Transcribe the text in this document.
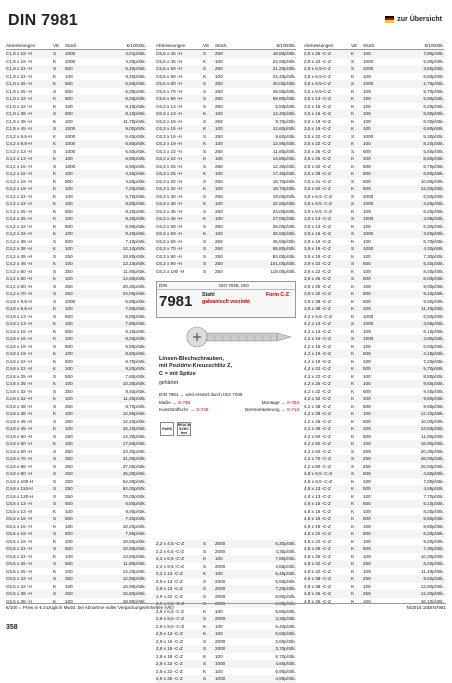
DIN 7981	zur Übersicht
Abmessungen	VE	Stück	€/100Stk.
C1,9 x 19 -H	S	1000	4,01p/Stk.
C1,9 x 19 -H	K	1000	4,20p/Stk.
C1,9 x 22 -H	S	500	5,40p/Stk.
C1,9 x 22 -H	K	100	8,40p/Stk.
C1,9 x 25 -H	K	500	5,60p/Stk.
C1,9 x 25 -H	S	500	6,00p/Stk.
C1,9 x 32 -H	K	500	6,20p/Stk.
C1,9 x 32 -H	K	100	9,10p/Stk.
C1,9 x 38 -H	S	500	8,10p/Stk.
C1,9 x 38 -H	K	100	11,70p/Stk.
C1,9 x 45 -H	S	1000	9,00p/Stk.
C4,2 x 9,5-H	K	1000	5,40p/Stk.
C4,2 x 9,5-H	K	1000	6,50p/Stk.
C4,2 x 13 -H	S	1000	6,50p/Stk.
C4,2 x 13 -H	K	100	6,90p/Stk.
C4,2 x 16 -H	S	1000	5,90p/Stk.
C4,2 x 16 -H	K	100	4,45p/Stk.
C4,2 x 19 -H	K	500	4,55p/Stk.
C4,2 x 19 -H	K	100	7,20p/Stk.
C4,2 x 22 -H	K	100	5,70p/Stk.
C4,2 x 22 -H	K	100	8,80p/Stk.
C4,2 x 25 -H	K	500	9,40p/Stk.
C4,2 x 25 -H	K	100	9,40p/Stk.
C4,2 x 32 -H	K	500	6,90p/Stk.
C4,2 x 32 -H	K	100	9,40p/Stk.
C4,2 x 38 -H	S	500	7,10p/Stk.
C4,2 x 38 -H	K	100	12,10p/Stk.
C4,2 x 45 -H	S	250	10,80p/Stk.
C4,2 x 45 -H	K	100	13,10p/Stk.
C4,2 x 50 -H	S	250	11,90p/Stk.
C4,2 x 50 -H	K	100	14,90p/Stk.
C4,2 x 60 -H	S	250	20,30p/Stk.
C4,2 x 70 -H	S	250	24,00p/Stk.
C4,8 x 9,5-H	S	1000	5,80p/Stk.
C4,8 x 9,5-H	K	100	7,60p/Stk.
C4,8 x 13 -H	S	500	6,80p/Stk.
C4,8 x 13 -H	K	100	7,90p/Stk.
C4,8 x 16 -H	K	500	5,10p/Stk.
C4,8 x 16 -H	K	100	8,20p/Stk.
C4,8 x 19 -H	S	500	5,80p/Stk.
C4,8 x 19 -H	K	100	8,80p/Stk.
C4,8 x 22 -H	K	500	6,70p/Stk.
C4,8 x 22 -H	K	100	9,20p/Stk.
C4,8 x 25 -H	S	500	7,60p/Stk.
C4,8 x 25 -H	K	100	10,30p/Stk.
C4,8 x 32 -H	S	250	8,40p/Stk.
C4,8 x 32 -H	K	100	11,40p/Stk.
C4,8 x 38 -H	S	250	9,70p/Stk.
C4,8 x 38 -H	K	100	12,60p/Stk.
C4,8 x 45 -H	S	250	12,40p/Stk.
C4,8 x 45 -H	K	100	16,10p/Stk.
C4,8 x 50 -H	S	250	14,30p/Stk.
C4,8 x 50 -H	K	100	17,60p/Stk.
C4,8 x 60 -H	S	250	23,30p/Stk.
C4,8 x 70 -H	S	250	31,00p/Stk.
C4,8 x 80 -H	S	250	37,00p/Stk.
C4,8 x 90 -H	S	250	45,00p/Stk.
C4,8 x 100-H	S	250	54,00p/Stk.
C4,8 x 110-H	S	250	62,00p/Stk.
C4,8 x 120-H	S	250	70,00p/Stk.
C5,5 x 13 -H	S	500	6,50p/Stk.
C5,5 x 13 -H	K	100	9,00p/Stk.
C5,5 x 16 -H	S	500	7,40p/Stk.
C5,5 x 16 -H	K	100	10,20p/Stk.
C5,5 x 19 -H	S	500	7,60p/Stk.
C5,5 x 19 -H	K	100	10,50p/Stk.
C5,5 x 22 -H	S	500	10,60p/Stk.
C5,5 x 22 -H	K	100	13,50p/Stk.
C5,5 x 25 -H	S	500	11,90p/Stk.
C5,5 x 25 -H	K	100	14,20p/Stk.
C5,5 x 32 -H	S	250	12,80p/Stk.
C5,5 x 32 -H	K	100	15,90p/Stk.
C5,5 x 38 -H	S	250	15,80p/Stk.
C5,5 x 38 -H	K	100	18,90p/Stk.
Abmessungen	VE	Stück	€/100Stk.
C5,5 x 45 -H	S	250	18,80p/Stk.
C5,5 x 45 -H	K	100	22,60p/Stk.
C5,5 x 50 -H	S	250	21,20p/Stk.
C5,5 x 50 -H	K	100	24,40p/Stk.
C5,5 x 60 -H	S	250	40,00p/Stk.
C5,5 x 70 -H	S	250	49,50p/Stk.
C5,5 x 80 -H	S	250	59,80p/Stk.
C6,3 x 13 -H	S	250	5,50p/Stk.
C6,3 x 13 -H	K	100	12,40p/Stk.
C6,3 x 16 -H	S	250	9,70p/Stk.
C6,3 x 16 -H	K	100	12,60p/Stk.
C6,3 x 19 -H	S	250	9,60p/Stk.
C6,3 x 19 -H	K	100	12,90p/Stk.
C6,3 x 22 -H	S	250	11,80p/Stk.
C6,3 x 22 -H	K	100	14,80p/Stk.
C6,3 x 25 -H	S	250	12,30p/Stk.
C6,3 x 25 -H	K	100	17,40p/Stk.
C6,3 x 32 -H	S	250	15,70p/Stk.
C6,3 x 32 -H	K	100	18,70p/Stk.
C6,3 x 38 -H	S	250	19,00p/Stk.
C6,3 x 38 -H	K	100	22,60p/Stk.
C6,3 x 45 -H	S	250	24,00p/Stk.
C6,3 x 45 -H	K	100	27,00p/Stk.
C6,3 x 50 -H	S	250	26,00p/Stk.
C6,3 x 50 -H	K	100	28,50p/Stk.
C6,3 x 60 -H	S	250	45,50p/Stk.
C6,3 x 70 -H	S	250	65,80p/Stk.
C6,3 x 80 -H	S	250	83,00p/Stk.
C6,3 x 90 -H	S	250	101,00p/Stk.
C6,3 x 100 -H	S	250	119,00p/Stk.
Abmessungen	VE	Stück	€/100Stk.
2,9 x 25 -C-Z	K	100	7,90p/Stk.
2,9 x 32 -C-Z	S	1000	5,90p/Stk.
2,9 x 6,5-C-Z	S	1000	3,60p/Stk.
3,5 x 6,5-C-Z	K	100	6,60p/Stk.
3,5 x 9,5-C-Z	S	1000	2,75p/Stk.
3,5 x 9,5-C-Z	K	100	5,70p/Stk.
3,5 x 13 -C-Z	K	100	5,90p/Stk.
3,5 x 16 -C-Z	K	100	6,20p/Stk.
3,5 x 16 -C-Z	K	100	6,00p/Stk.
3,5 x 19 -C-Z	K	100	6,00p/Stk.
3,5 x 19 -C-Z	K	100	6,80p/Stk.
3,5 x 22 -C-Z	S	1000	5,30p/Stk.
3,5 x 22 -C-Z	K	100	8,10p/Stk.
3,5 x 25 -C-Z	S	500	5,50p/Stk.
3,5 x 25 -C-Z	K	100	8,60p/Stk.
3,5 x 32 -C-Z	K	500	6,70p/Stk.
3,5 x 38 -C-Z	K	500	6,90p/Stk.
3,5 x 41 -C-Z	S	500	10,90p/Stk.
3,5 x 50 -C-Z	K	500	13,20p/Stk.
3,9 x 6,5 -C-Z	S	2000	6,50p/Stk.
3,9 x 9,5 -C-Z	S	1000	3,25p/Stk.
3,9 x 9,5 -C-Z	K	100	6,20p/Stk.
3,9 x 13 -C-Z	S	1000	3,95p/Stk.
3,9 x 13 -C-Z	K	100	6,30p/Stk.
3,9 x 16 -C-Z	S	1000	3,60p/Stk.
3,9 x 16 -C-Z	K	100	6,70p/Stk.
3,9 x 19 -C-Z	S	1000	4,30p/Stk.
3,9 x 19 -C-Z	K	100	7,30p/Stk.
3,9 x 22 -C-Z	S	500	5,40p/Stk.
3,9 x 22 -C-Z	K	100	8,40p/Stk.
3,9 x 25 -C-Z	S	500	6,00p/Stk.
3,9 x 25 -C-Z	K	100	9,00p/Stk.
3,9 x 32 -C-Z	K	500	9,10p/Stk.
3,9 x 38 -C-Z	K	500	9,60p/Stk.
3,9 x 38 -C-Z	K	100	11,10p/Stk.
4,2 x 9,5 -C-Z	K	1000	6,50p/Stk.
4,2 x 13 -C-Z	S	1000	3,65p/Stk.
4,2 x 13 -C-Z	K	100	6,10p/Stk.
4,2 x 16 -C-Z	S	1000	3,90p/Stk.
4,2 x 16 -C-Z	K	100	6,60p/Stk.
4,2 x 19 -C-Z	K	500	4,15p/Stk.
4,2 x 19 -C-Z	K	100	7,20p/Stk.
4,2 x 22 -C-Z	K	500	5,70p/Stk.
4,2 x 22 -C-Z	K	100	8,80p/Stk.
4,2 x 25 -C-Z	K	100	9,60p/Stk.
4,2 x 32 -C-Z	K	500	9,40p/Stk.
4,2 x 32 -C-Z	K	100	9,90p/Stk.
4,2 x 38 -C-Z	K	500	9,90p/Stk.
4,2 x 38 -C-Z	K	100	12,10p/Stk.
4,2 x 45 -C-Z	K	500	10,00p/Stk.
4,2 x 45 -C-Z	K	100	13,50p/Stk.
4,2 x 50 -C-Z	K	500	11,90p/Stk.
4,2 x 50 -C-Z	K	100	16,90p/Stk.
4,2 x 60 -C-Z	S	250	20,30p/Stk.
4,2 x 70 -C-Z	S	250	26,00p/Stk.
4,2 x 80 -C-Z	S	250	26,50p/Stk.
4,8 x 9,5 -C-Z	S	500	4,80p/Stk.
4,8 x 9,5 -C-Z	K	100	7,00p/Stk.
4,8 x 13 -C-Z	K	500	4,55p/Stk.
4,8 x 13 -C-Z	K	100	7,70p/Stk.
4,8 x 16 -C-Z	K	500	5,10p/Stk.
4,8 x 16 -C-Z	K	100	8,20p/Stk.
4,8 x 19 -C-Z	K	500	5,80p/Stk.
4,8 x 19 -C-Z	K	100	8,80p/Stk.
4,8 x 22 -C-Z	K	500	6,20p/Stk.
4,8 x 22 -C-Z	K	100	9,20p/Stk.
4,8 x 25 -C-Z	K	500	7,30p/Stk.
4,8 x 25 -C-Z	K	100	10,30p/Stk.
4,8 x 32 -C-Z	K	250	8,40p/Stk.
4,8 x 32 -C-Z	K	100	11,40p/Stk.
4,8 x 38 -C-Z	K	250	9,40p/Stk.
4,8 x 38 -C-Z	K	100	12,60p/Stk.
4,8 x 45 -C-Z	K	250	12,40p/Stk.
4,8 x 45 -C-Z	K	100	16,10p/Stk.
DIN	ISO 7049, ISO
7981 Stahl
galvanisch verzinkt
Form C-Z
Linsen-Blechschrauben,
mit Pozidriv-Kreuzschlitz Z,
C = mit Spitze
gehärtet
DIN 7981 → wird ersetzt durch ISO 7049
Maße → S-746	Montage → S-753
Kunststoffschr. → S-728	Normerläuterung → S-713
RoHS
REACH SVHC free
2,2 x 4,5 -C-Z	S	2000	6,30p/Stk.
2,2 x 6,5 -C-Z	S	2000	4,35p/Stk.
2,2 x 6,5 -C-Z	K	100	7,80p/Stk.
2,2 x 9,5 -C-Z	S	2000	4,55p/Stk.
2,2 x 13 -C-Z	K	100	5,45p/Stk.
2,9 x 13 -C-Z	S	2000	5,50p/Stk.
2,9 x 13 -C-Z	S	2000	7,20p/Stk.
2,9 x 22 -C-Z	S	2000	8,90p/Stk.
2,9 x 6,5 -C-Z	S	2000	2,80p/Stk.
2,9 x 6,5 -C-Z	K	100	5,60p/Stk.
2,9 x 9,5 -C-Z	S	2000	3,30p/Stk.
2,9 x 9,5 -C-Z	K	100	5,40p/Stk.
2,9 x 13 -C-Z	K	100	5,50p/Stk.
2,9 x 16 -C-Z	S	2000	2,60p/Stk.
2,9 x 19 -C-Z	S	2000	3,70p/Stk.
2,9 x 19 -C-Z	K	100	6,70p/Stk.
2,9 x 22 -C-Z	S	1000	4,60p/Stk.
2,9 x 22 -C-Z	K	100	6,90p/Stk.
2,9 x 25 -C-Z	S	1000	4,95p/Stk.
€/100 = Preis in € zuzüglich MwSt. bei Abnahme voller Verpackungseinheiten (VE)	N/2015.10DIN7981
358
